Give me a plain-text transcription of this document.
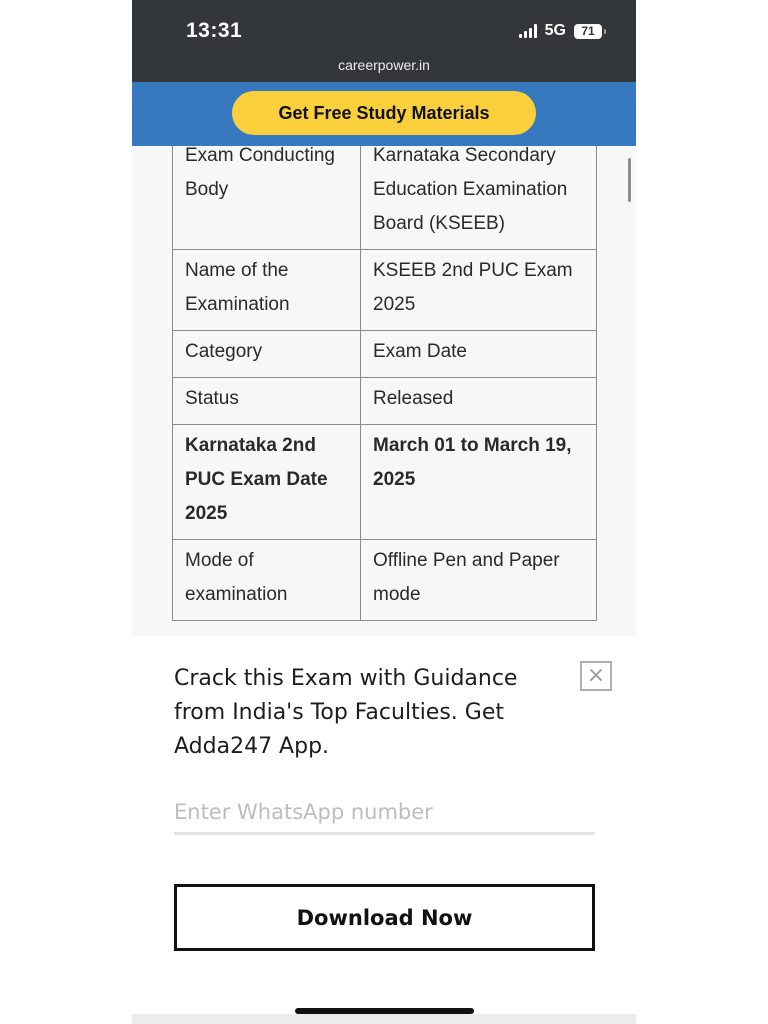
13:31	5G	71
careerpower.in
Get Free Study Materials
Exam Conducting Body	Karnataka Secondary Education Examination Board (KSEEB)
Name of the Examination	KSEEB 2nd PUC Exam 2025
Category	Exam Date
Status	Released
Karnataka 2nd PUC Exam Date 2025	March 01 to March 19, 2025
Mode of examination	Offline Pen and Paper mode
Crack this Exam with Guidance from India's Top Faculties. Get Adda247 App.
×
Enter WhatsApp number
Download Now
